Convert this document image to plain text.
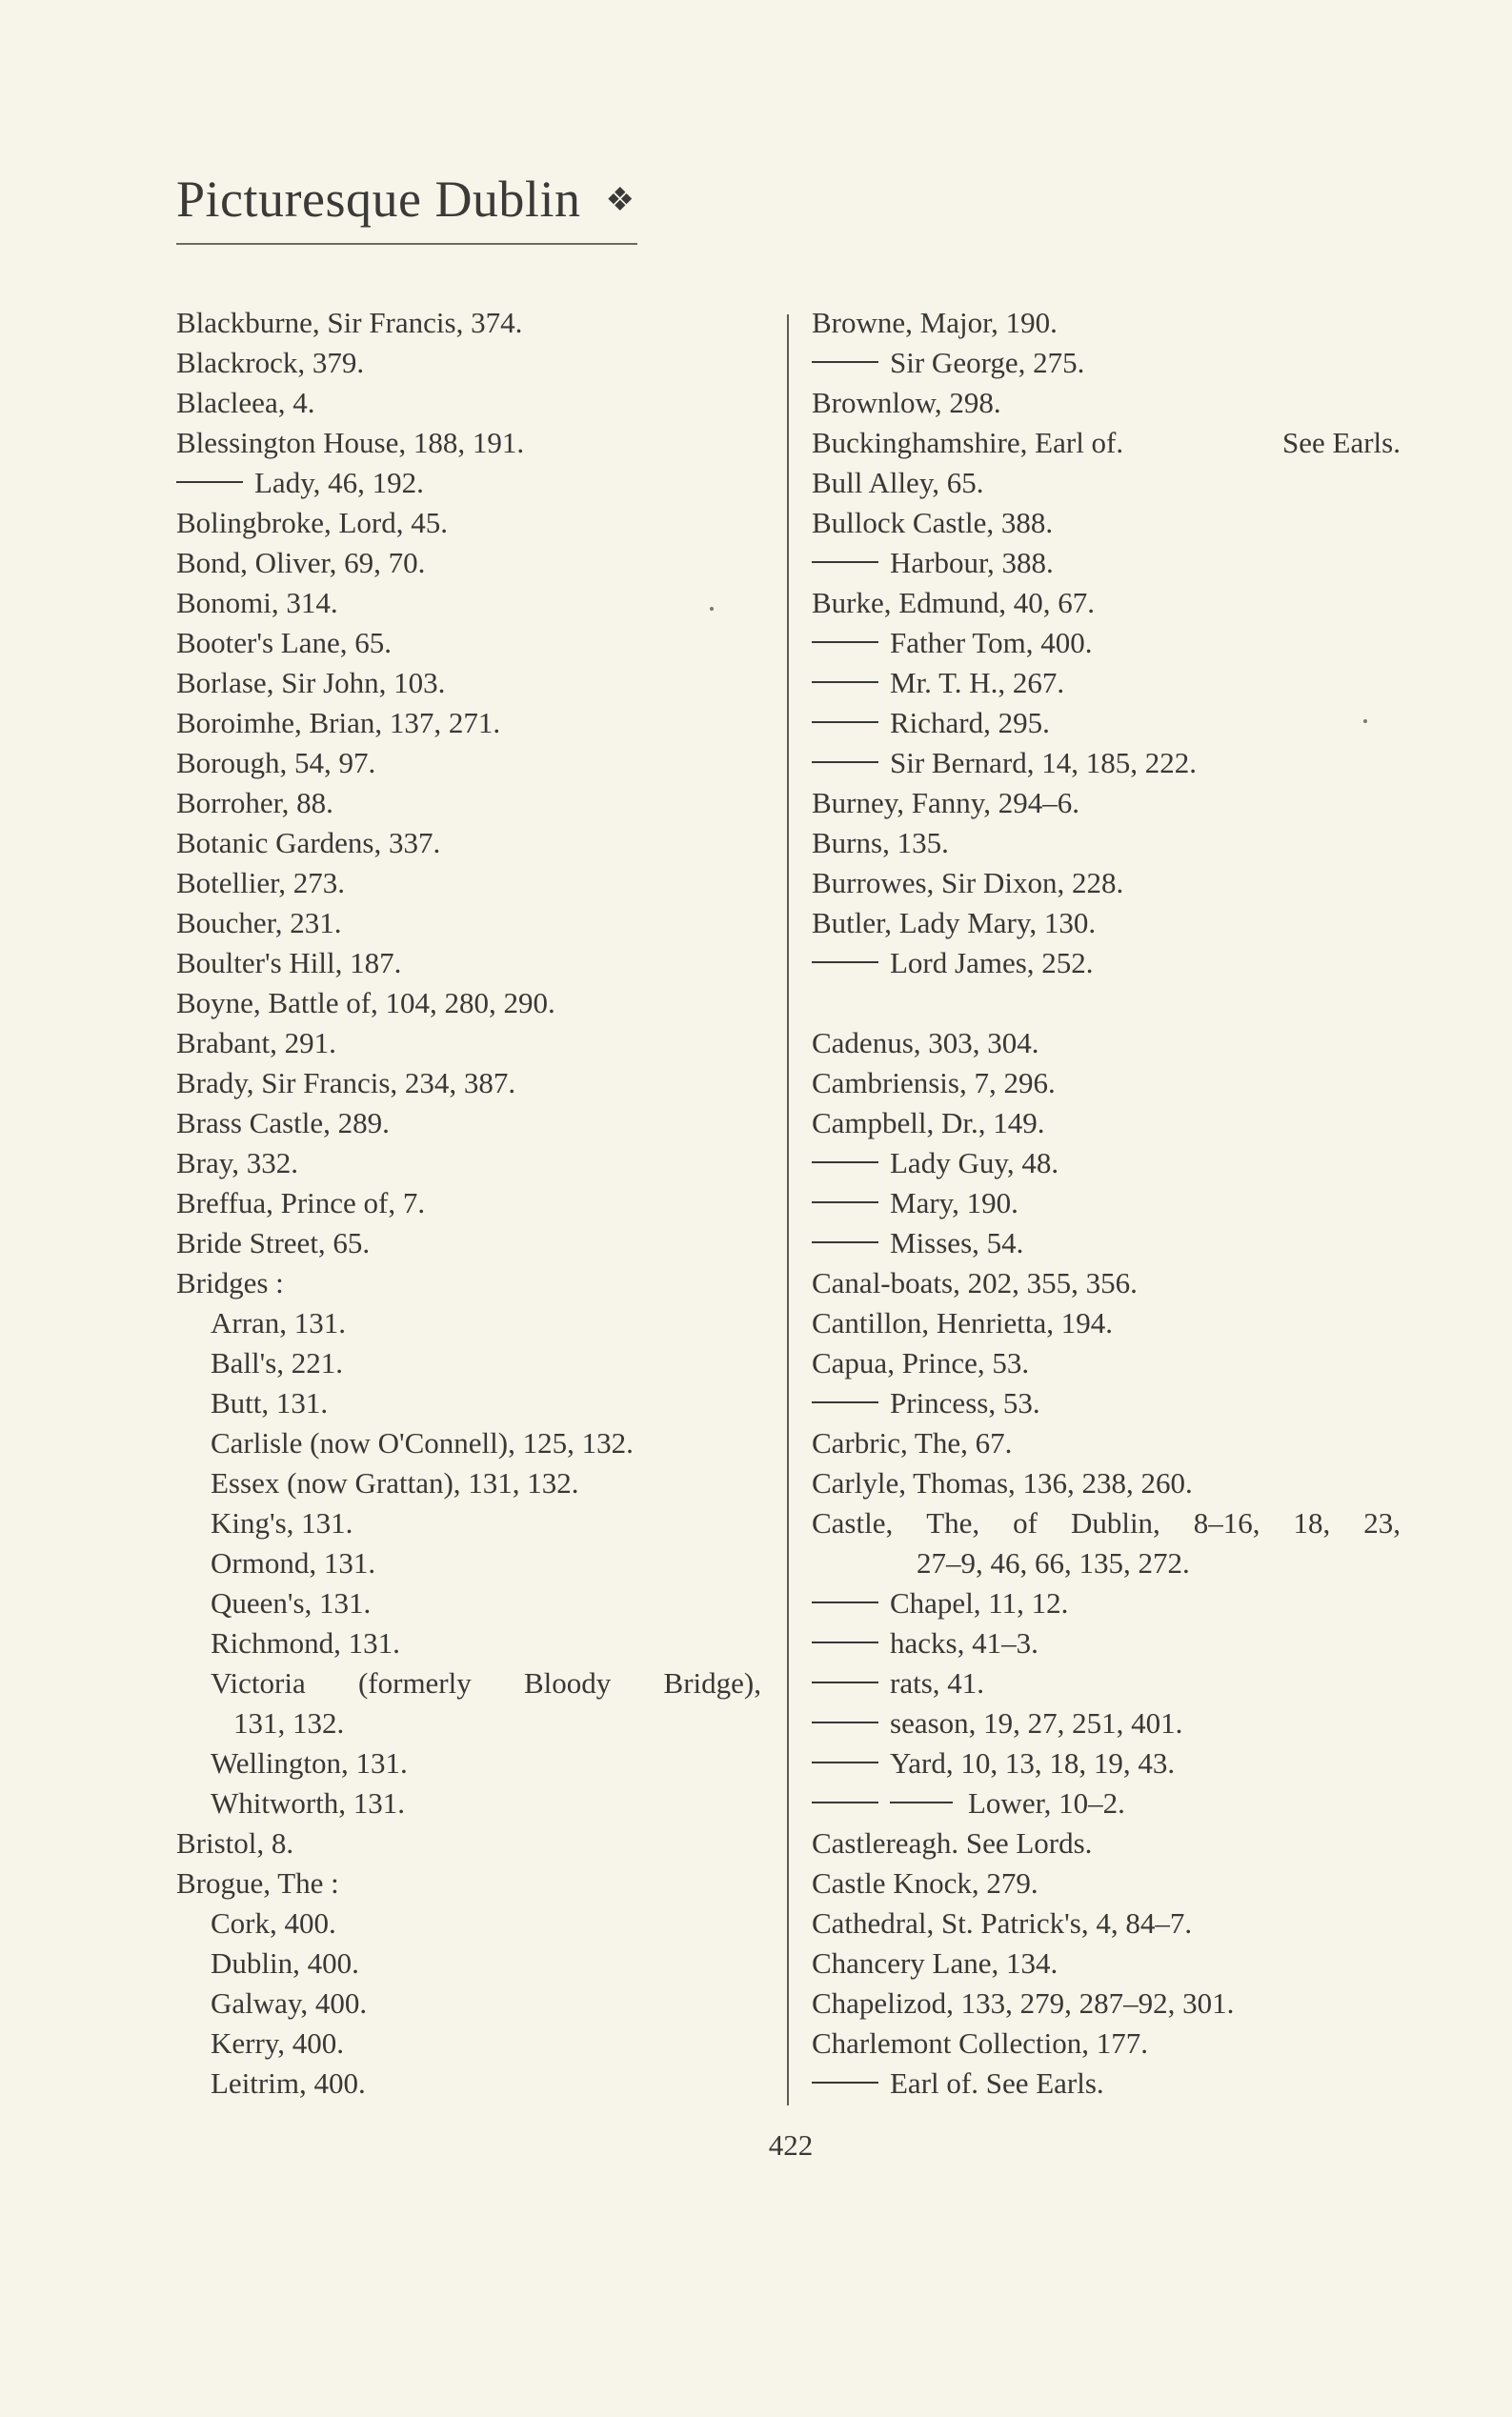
Picturesque Dublin ❖
Blackburne, Sir Francis, 374.
Blackrock, 379.
Blacleea, 4.
Blessington House, 188, 191.
Lady, 46, 192.
Bolingbroke, Lord, 45.
Bond, Oliver, 69, 70.
Bonomi, 314.
Booter's Lane, 65.
Borlase, Sir John, 103.
Boroimhe, Brian, 137, 271.
Borough, 54, 97.
Borroher, 88.
Botanic Gardens, 337.
Botellier, 273.
Boucher, 231.
Boulter's Hill, 187.
Boyne, Battle of, 104, 280, 290.
Brabant, 291.
Brady, Sir Francis, 234, 387.
Brass Castle, 289.
Bray, 332.
Breffua, Prince of, 7.
Bride Street, 65.
Bridges :
Arran, 131.
Ball's, 221.
Butt, 131.
Carlisle (now O'Connell), 125, 132.
Essex (now Grattan), 131, 132.
King's, 131.
Ormond, 131.
Queen's, 131.
Richmond, 131.
Victoria (formerly Bloody Bridge),
131, 132.
Wellington, 131.
Whitworth, 131.
Bristol, 8.
Brogue, The :
Cork, 400.
Dublin, 400.
Galway, 400.
Kerry, 400.
Leitrim, 400.
Browne, Major, 190.
Sir George, 275.
Brownlow, 298.
Buckinghamshire, Earl of.	See Earls.
Bull Alley, 65.
Bullock Castle, 388.
Harbour, 388.
Burke, Edmund, 40, 67.
Father Tom, 400.
Mr. T. H., 267.
Richard, 295.
Sir Bernard, 14, 185, 222.
Burney, Fanny, 294–6.
Burns, 135.
Burrowes, Sir Dixon, 228.
Butler, Lady Mary, 130.
Lord James, 252.
Cadenus, 303, 304.
Cambriensis, 7, 296.
Campbell, Dr., 149.
Lady Guy, 48.
Mary, 190.
Misses, 54.
Canal-boats, 202, 355, 356.
Cantillon, Henrietta, 194.
Capua, Prince, 53.
Princess, 53.
Carbric, The, 67.
Carlyle, Thomas, 136, 238, 260.
Castle, The, of Dublin, 8–16, 18, 23,
27–9, 46, 66, 135, 272.
Chapel, 11, 12.
hacks, 41–3.
rats, 41.
season, 19, 27, 251, 401.
Yard, 10, 13, 18, 19, 43.
Lower, 10–2.
Castlereagh. See Lords.
Castle Knock, 279.
Cathedral, St. Patrick's, 4, 84–7.
Chancery Lane, 134.
Chapelizod, 133, 279, 287–92, 301.
Charlemont Collection, 177.
Earl of. See Earls.
422
